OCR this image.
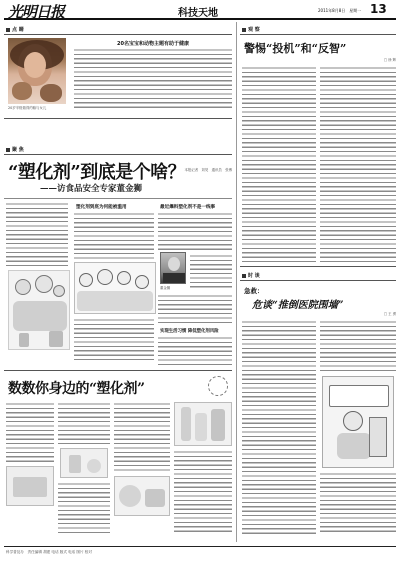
光明日报	科技天地	2011年8月8日　星期一 13
点 睛
20岁辛格瑞得约翰与女儿
20名宝宝和动物主题有助于健康
聚 焦
“塑化剂”到底是个啥？
——访食品安全专家董金狮
本报记者　刘昊　通讯员　张博
塑化剂到底为何能被滥用	最近爆料塑化剂不是一线事
董金狮
实现生活习惯 降低塑化剂风险
数数你身边的“塑化剂”
观 察
警惕“投机”和“反智”
□ 徐 辉
时 谈
急救：
危谈“推倒医院围墙”
□ 王 勇
科学普及办　责任编辑 胡建 电话 版式 电话 图片 校对
